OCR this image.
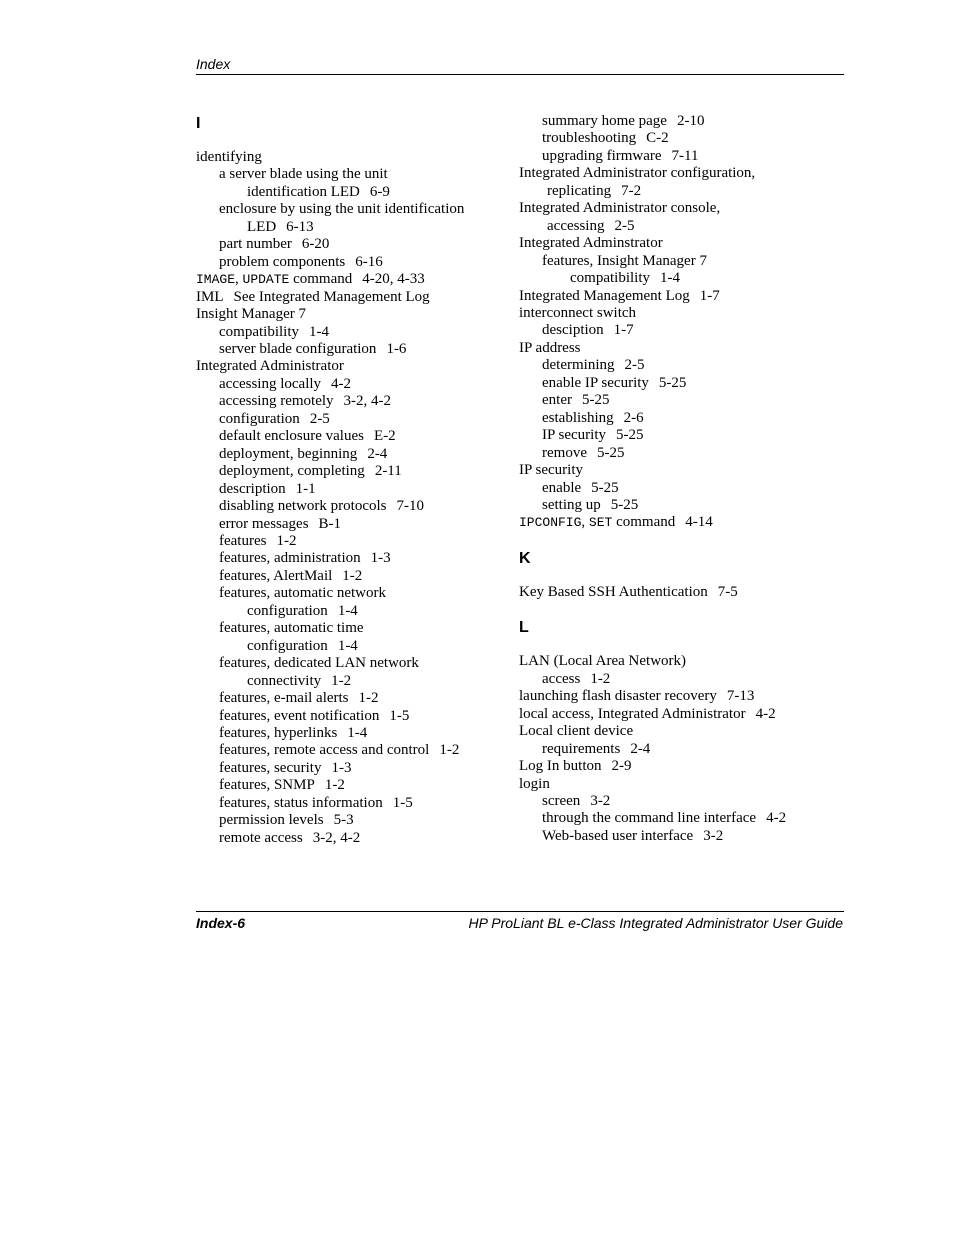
Index
I
identifying
a server blade using the unit
identification LED 6-9
enclosure by using the unit identification
LED 6-13
part number 6-20
problem components 6-16
IMAGE, UPDATE command 4-20, 4-33
IML See Integrated Management Log
Insight Manager 7
compatibility 1-4
server blade configuration 1-6
Integrated Administrator
accessing locally 4-2
accessing remotely 3-2, 4-2
configuration 2-5
default enclosure values E-2
deployment, beginning 2-4
deployment, completing 2-11
description 1-1
disabling network protocols 7-10
error messages B-1
features 1-2
features, administration 1-3
features, AlertMail 1-2
features, automatic network
configuration 1-4
features, automatic time
configuration 1-4
features, dedicated LAN network
connectivity 1-2
features, e-mail alerts 1-2
features, event notification 1-5
features, hyperlinks 1-4
features, remote access and control 1-2
features, security 1-3
features, SNMP 1-2
features, status information 1-5
permission levels 5-3
remote access 3-2, 4-2
summary home page 2-10
troubleshooting C-2
upgrading firmware 7-11
Integrated Administrator configuration,
replicating 7-2
Integrated Administrator console,
accessing 2-5
Integrated Adminstrator
features, Insight Manager 7
compatibility 1-4
Integrated Management Log 1-7
interconnect switch
desciption 1-7
IP address
determining 2-5
enable IP security 5-25
enter 5-25
establishing 2-6
IP security 5-25
remove 5-25
IP security
enable 5-25
setting up 5-25
IPCONFIG, SET command 4-14
K
Key Based SSH Authentication 7-5
L
LAN (Local Area Network)
access 1-2
launching flash disaster recovery 7-13
local access, Integrated Administrator 4-2
Local client device
requirements 2-4
Log In button 2-9
login
screen 3-2
through the command line interface 4-2
Web-based user interface 3-2
Index-6	HP ProLiant BL e-Class Integrated Administrator User Guide
